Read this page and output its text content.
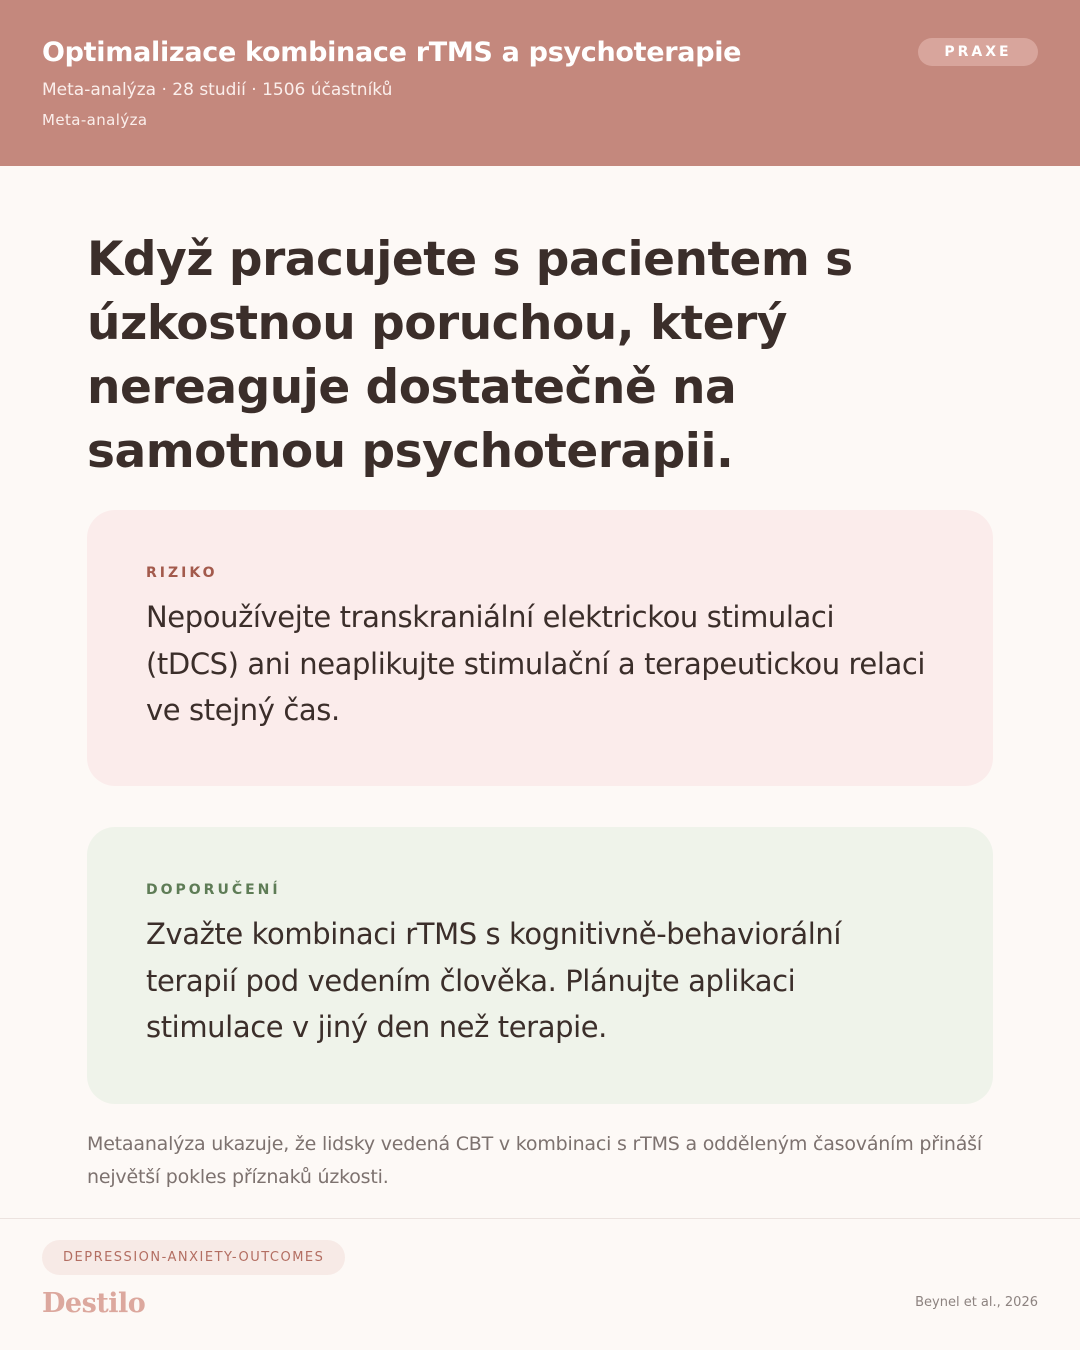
Optimalizace kombinace rTMS a psychoterapie
Meta-analýza · 28 studií · 1506 účastníků
Meta-analýza
PRAXE
Když pracujete s pacientem s úzkostnou poruchou, který nereaguje dostatečně na samotnou psychoterapii.
RIZIKO
Nepoužívejte transkraniální elektrickou stimulaci (tDCS) ani neaplikujte stimulační a terapeutickou relaci ve stejný čas.
DOPORUČENÍ
Zvažte kombinaci rTMS s kognitivně-behaviorální terapií pod vedením člověka. Plánujte aplikaci stimulace v jiný den než terapie.

Metaanalýza ukazuje, že lidsky vedená CBT v kombinaci s rTMS a odděleným časováním přináší největší pokles příznaků úzkosti.

DEPRESSION-ANXIETY-OUTCOMES
Destilo	Beynel et al., 2026
